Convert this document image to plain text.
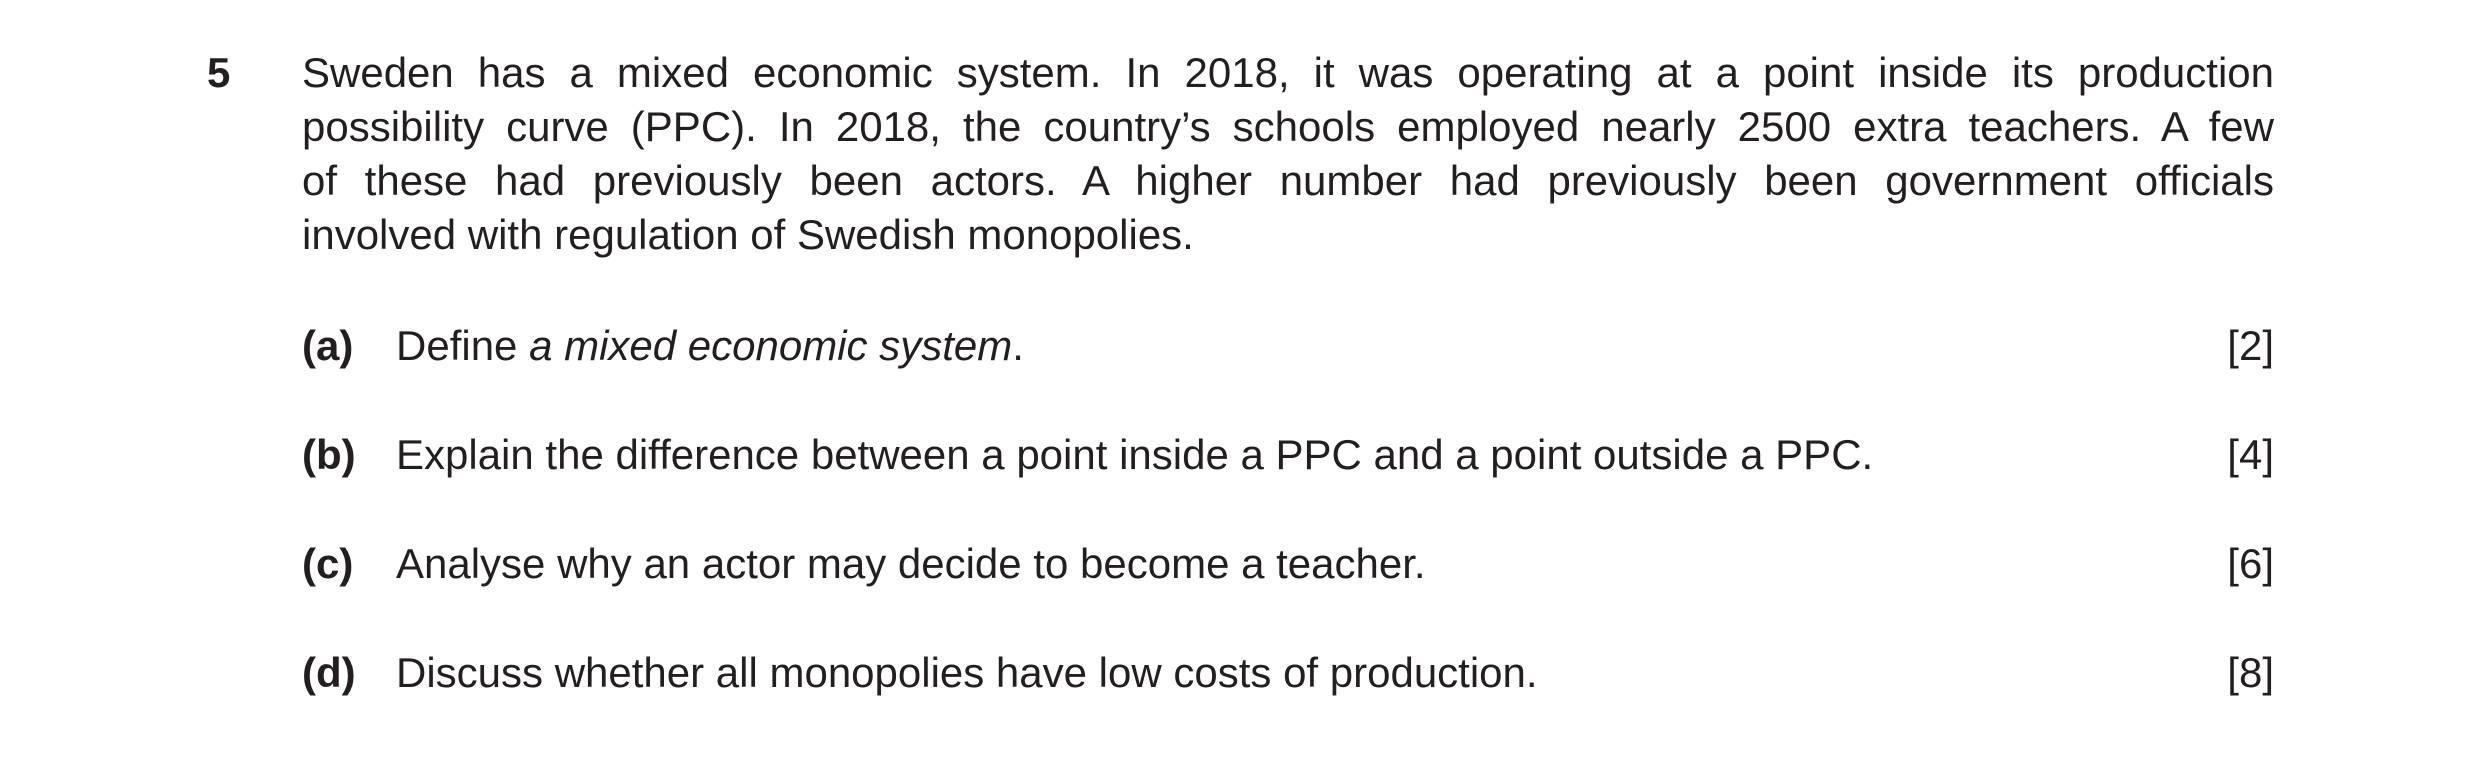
5 Sweden has a mixed economic system. In 2018, it was operating at a point inside its production
possibility curve (PPC). In 2018, the country’s schools employed nearly 2500 extra teachers. A few
of these had previously been actors. A higher number had previously been government officials
involved with regulation of Swedish monopolies.
(a) Define a mixed economic system.	[2]
(b) Explain the difference between a point inside a PPC and a point outside a PPC.	[4]
(c) Analyse why an actor may decide to become a teacher.	[6]
(d) Discuss whether all monopolies have low costs of production.	[8]
